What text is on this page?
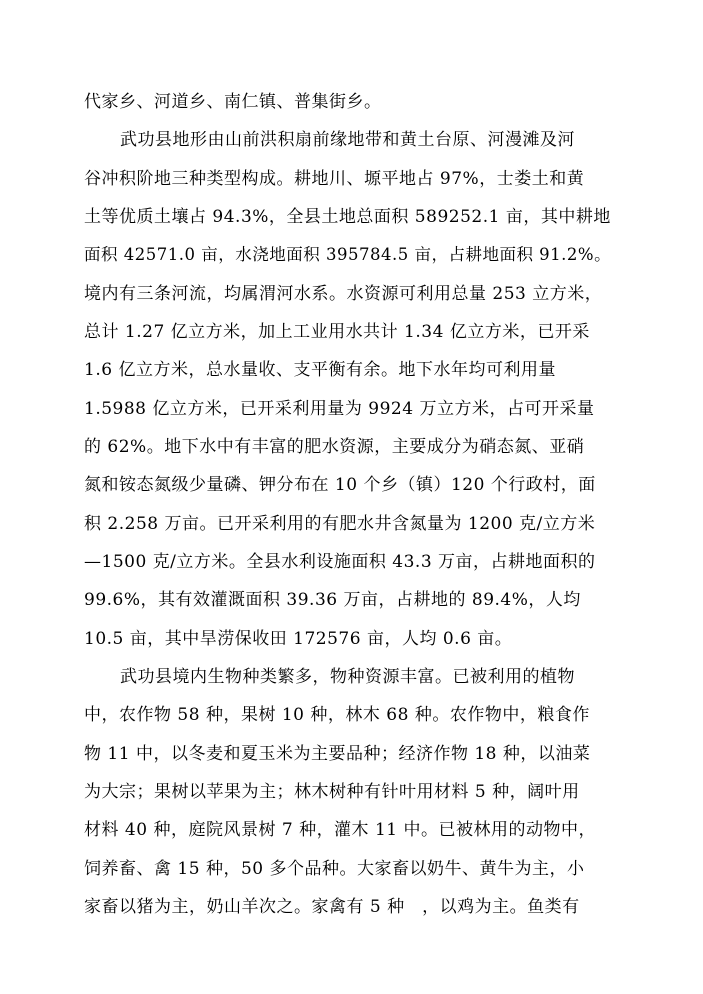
代家乡、河道乡、南仁镇、普集街乡。
武功县地形由山前洪积扇前缘地带和黄土台原、河漫滩及河
谷冲积阶地三种类型构成。耕地川、塬平地占 97%，士娄土和黄
土等优质土壤占 94.3%，全县土地总面积 589252.1 亩，其中耕地
面积 42571.0 亩，水浇地面积 395784.5 亩，占耕地面积 91.2%。
境内有三条河流，均属渭河水系。水资源可利用总量 253 立方米，
总计 1.27 亿立方米，加上工业用水共计 1.34 亿立方米，已开采
1.6 亿立方米，总水量收、支平衡有余。地下水年均可利用量
1.5988 亿立方米，已开采利用量为 9924 万立方米，占可开采量
的 62%。地下水中有丰富的肥水资源，主要成分为硝态氮、亚硝
氮和铵态氮级少量磷、钾分布在 10 个乡（镇）120 个行政村，面
积 2.258 万亩。已开采利用的有肥水井含氮量为 1200 克/立方米
—1500 克/立方米。全县水利设施面积 43.3 万亩，占耕地面积的
99.6%，其有效灌溉面积 39.36 万亩，占耕地的 89.4%，人均
10.5 亩，其中旱涝保收田 172576 亩，人均 0.6 亩。
武功县境内生物种类繁多，物种资源丰富。已被利用的植物
中，农作物 58 种，果树 10 种，林木 68 种。农作物中，粮食作
物 11 中，以冬麦和夏玉米为主要品种；经济作物 18 种，以油菜
为大宗；果树以苹果为主；林木树种有针叶用材料 5 种，阔叶用
材料 40 种，庭院风景树 7 种，灌木 11 中。已被林用的动物中，
饲养畜、禽 15 种，50 多个品种。大家畜以奶牛、黄牛为主，小
家畜以猪为主，奶山羊次之。家禽有 5 种　，以鸡为主。鱼类有
